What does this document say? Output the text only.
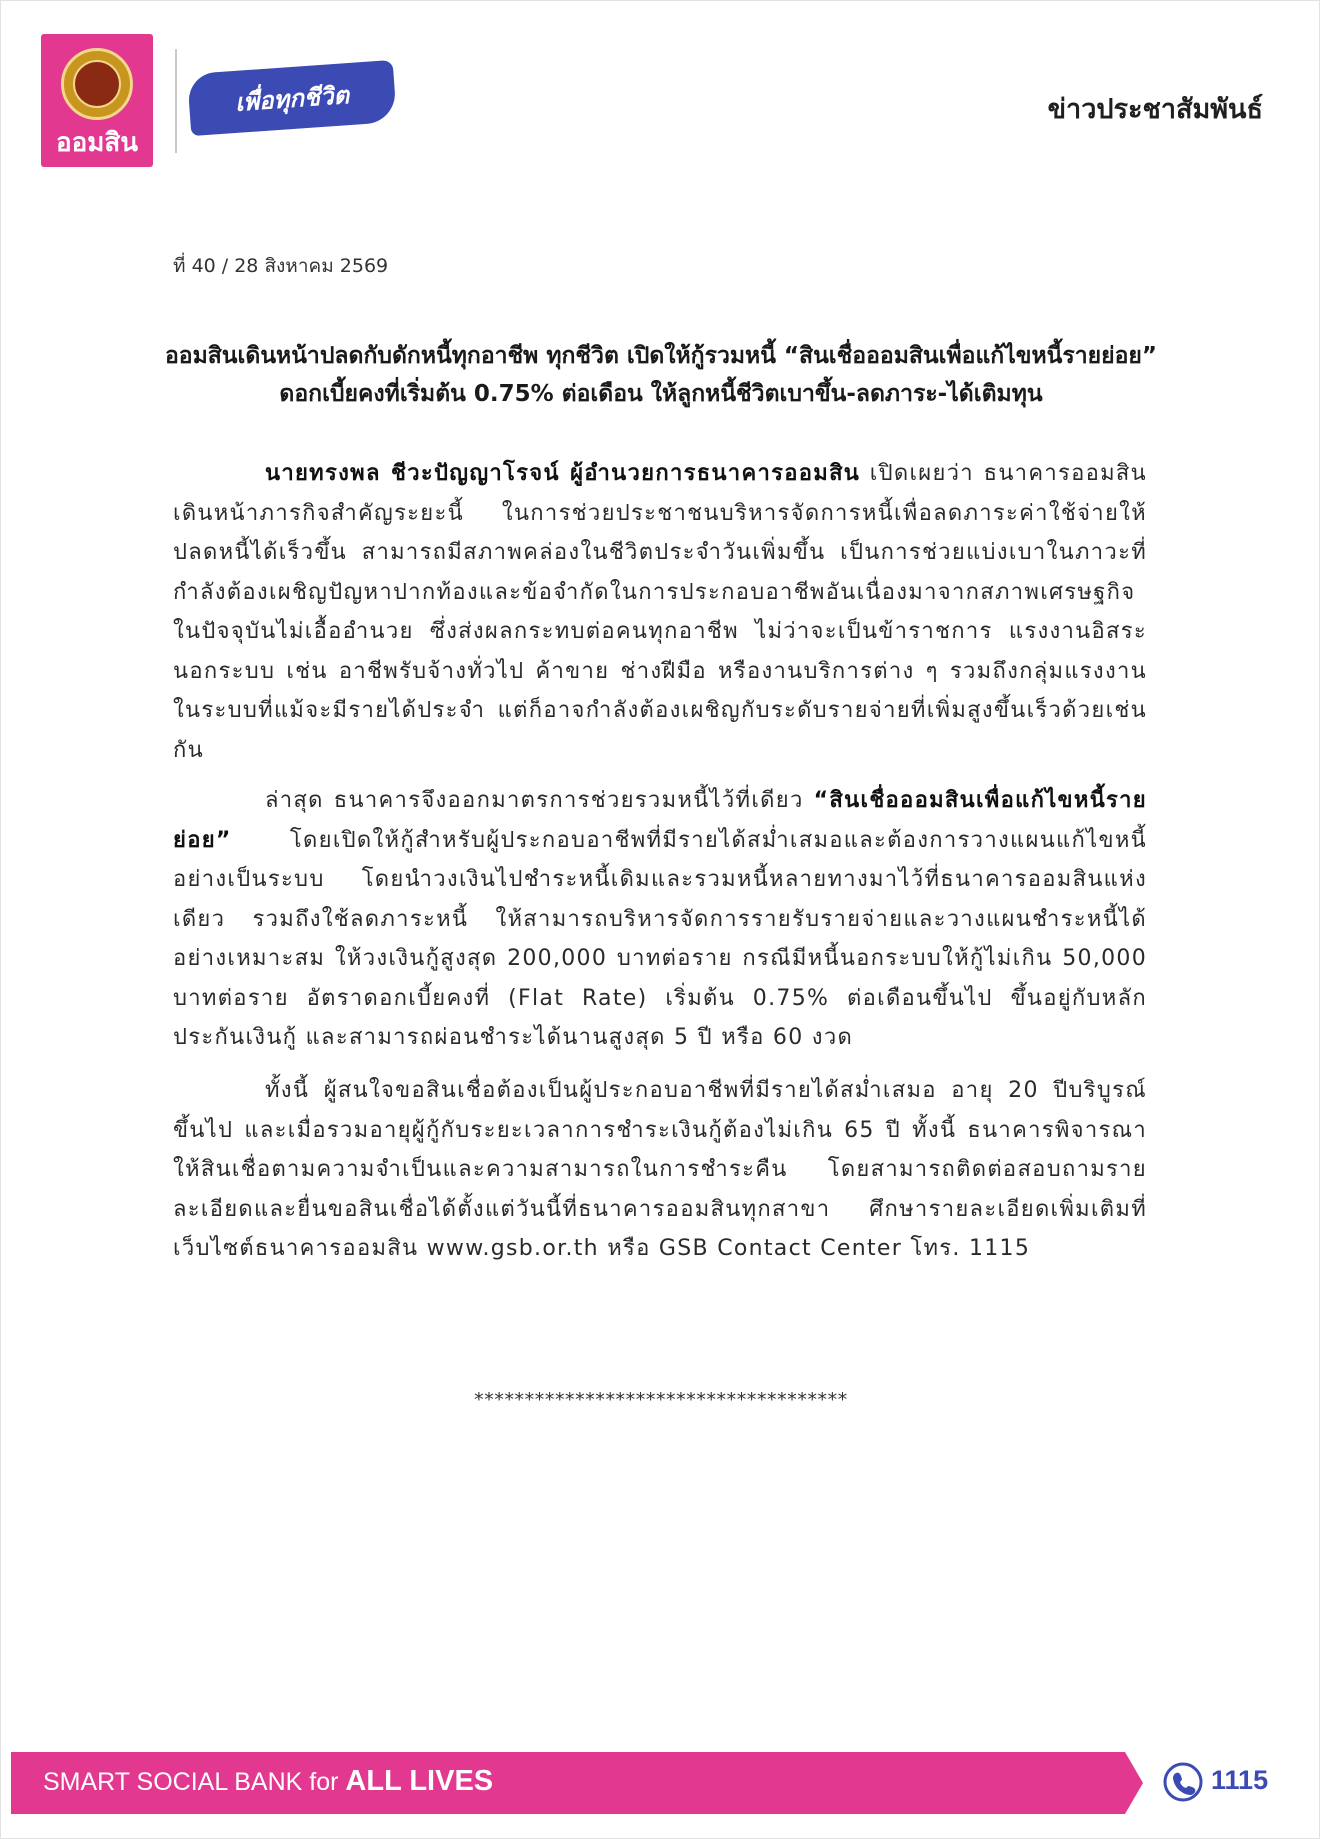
ออมสิน
เพื่อทุกชีวิต	ข่าวประชาสัมพันธ์
ที่ 40 / 28 สิงหาคม 2569
ออมสินเดินหน้าปลดกับดักหนี้ทุกอาชีพ ทุกชีวิต เปิดให้กู้รวมหนี้ “สินเชื่อออมสินเพื่อแก้ไขหนี้รายย่อย”
ดอกเบี้ยคงที่เริ่มต้น 0.75% ต่อเดือน ให้ลูกหนี้ชีวิตเบาขึ้น-ลดภาระ-ได้เติมทุน

นายทรงพล ชีวะปัญญาโรจน์ ผู้อำนวยการธนาคารออมสิน เปิดเผยว่า ธนาคารออมสินเดินหน้าภารกิจสำคัญระยะนี้ ในการช่วยประชาชนบริหารจัดการหนี้เพื่อลดภาระค่าใช้จ่ายให้ปลดหนี้ได้เร็วขึ้น สามารถมีสภาพคล่องในชีวิตประจำวันเพิ่มขึ้น เป็นการช่วยแบ่งเบาในภาวะที่กำลังต้องเผชิญปัญหาปากท้องและข้อจำกัดในการประกอบอาชีพอันเนื่องมาจากสภาพเศรษฐกิจในปัจจุบันไม่เอื้ออำนวย ซึ่งส่งผลกระทบต่อคนทุกอาชีพ ไม่ว่าจะเป็นข้าราชการ แรงงานอิสระนอกระบบ เช่น อาชีพรับจ้างทั่วไป ค้าขาย ช่างฝีมือ หรืองานบริการต่าง ๆ รวมถึงกลุ่มแรงงานในระบบที่แม้จะมีรายได้ประจำ แต่ก็อาจกำลังต้องเผชิญกับระดับรายจ่ายที่เพิ่มสูงขึ้นเร็วด้วยเช่นกัน

ล่าสุด ธนาคารจึงออกมาตรการช่วยรวมหนี้ไว้ที่เดียว “สินเชื่อออมสินเพื่อแก้ไขหนี้รายย่อย” โดยเปิดให้กู้สำหรับผู้ประกอบอาชีพที่มีรายได้สม่ำเสมอและต้องการวางแผนแก้ไขหนี้อย่างเป็นระบบ โดยนำวงเงินไปชำระหนี้เดิมและรวมหนี้หลายทางมาไว้ที่ธนาคารออมสินแห่งเดียว รวมถึงใช้ลดภาระหนี้ ให้สามารถบริหารจัดการรายรับรายจ่ายและวางแผนชำระหนี้ได้อย่างเหมาะสม ให้วงเงินกู้สูงสุด 200,000 บาทต่อราย กรณีมีหนี้นอกระบบให้กู้ไม่เกิน 50,000 บาทต่อราย อัตราดอกเบี้ยคงที่ (Flat Rate) เริ่มต้น 0.75% ต่อเดือนขึ้นไป ขึ้นอยู่กับหลักประกันเงินกู้ และสามารถผ่อนชำระได้นานสูงสุด 5 ปี หรือ 60 งวด

ทั้งนี้ ผู้สนใจขอสินเชื่อต้องเป็นผู้ประกอบอาชีพที่มีรายได้สม่ำเสมอ อายุ 20 ปีบริบูรณ์ขึ้นไป และเมื่อรวมอายุผู้กู้กับระยะเวลาการชำระเงินกู้ต้องไม่เกิน 65 ปี ทั้งนี้ ธนาคารพิจารณาให้สินเชื่อตามความจำเป็นและความสามารถในการชำระคืน โดยสามารถติดต่อสอบถามรายละเอียดและยื่นขอสินเชื่อได้ตั้งแต่วันนี้ที่ธนาคารออมสินทุกสาขา ศึกษารายละเอียดเพิ่มเติมที่เว็บไซต์ธนาคารออมสิน www.gsb.or.th หรือ GSB Contact Center โทร. 1115

*************************************
SMART SOCIAL BANK for ALL LIVES	1115
